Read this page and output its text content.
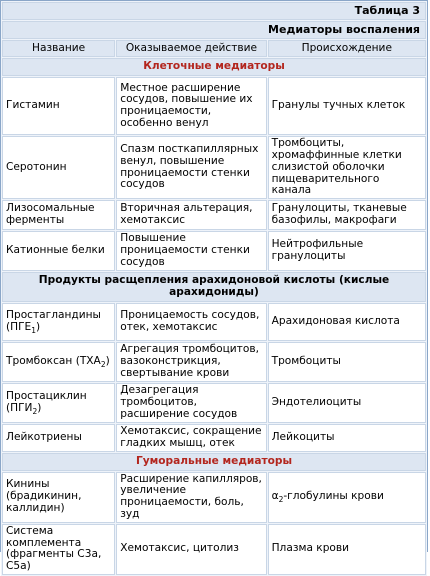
Таблица 3		
Медиаторы воспаления		
Название	Оказываемое действие	Происхождение
Клеточные медиаторы		
Гистамин	Местное расширение сосудов, повышение их проницаемости, особенно венул	Гранулы тучных клеток
Серотонин	Спазм посткапиллярных венул, повышение проницаемости стенки сосудов	Тромбоциты, хромаффинные клетки слизистой оболочки пищеварительного канала
Лизосомальные ферменты	Вторичная альтерация, хемотаксис	Гранулоциты, тканевые базофилы, макрофаги
Катионные белки	Повышение проницаемости стенки сосудов	Нейтрофильные гранулоциты
Продукты расщепления арахидоновой кислоты (кислые арахидониды)		
Простагландины $(ПГЕ_1)$	Проницаемость сосудов, отек, хемотаксис	Арахидоновая кислота
Тромбоксан $(ТХА_2)$	Агрегация тромбоцитов, вазоконстрикция, свертывание крови	Тромбоциты
Простациклин $(ПГИ_2)$	Дезагрегация тромбоцитов, расширение сосудов	Эндотелиоциты
Лейкотриены	Хемотаксис, сокращение гладких мышц, отек	Лейкоциты
Гуморальные медиаторы		
Кинины (брадикинин, каллидин)	Расширение капилляров, увеличение проницаемости, боль, зуд	$\alpha_2$-глобулины крови
Система комплемента (фрагменты С3а, С5а)	Хемотаксис, цитолиз	Плазма крови
